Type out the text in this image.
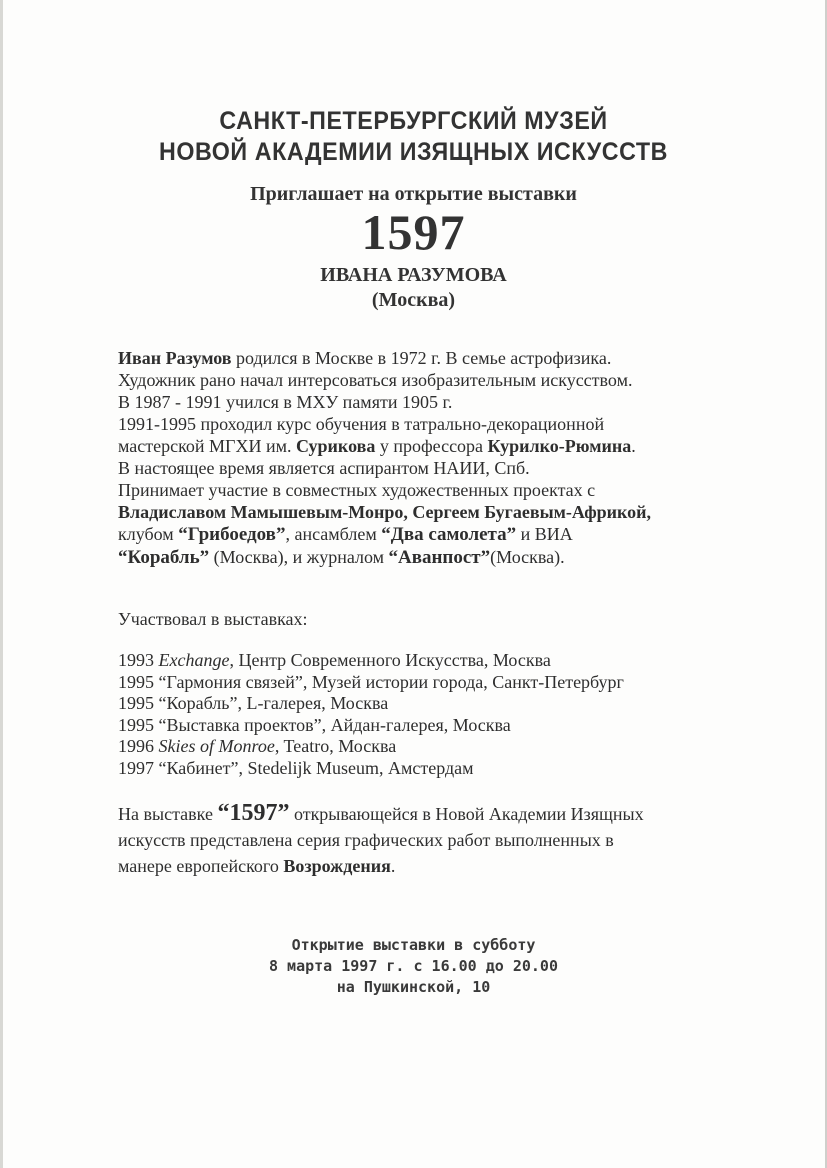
САНКТ-ПЕТЕРБУРГСКИЙ МУЗЕЙ
НОВОЙ АКАДЕМИИ ИЗЯЩНЫХ ИСКУССТВ
Приглашает на открытие выставки
1597
ИВАНА РАЗУМОВА
(Москва)
Иван Разумов родился в Москве в 1972 г. В семье астрофизика.
Художник рано начал интерсоваться изобразительным искусством.
В 1987 - 1991 учился в МХУ памяти 1905 г.
1991-1995 проходил курс обучения в татрально-декорационной
мастерской МГХИ им. Сурикова у профессора Курилко-Рюмина.
В настоящее время является аспирантом НАИИ, Спб.
Принимает участие в совместных художественных проектах с
Владиславом Мамышевым-Монро, Сергеем Бугаевым-Африкой,
клубом “Грибоедов”, ансамблем “Два самолета” и ВИА
“Корабль” (Москва), и журналом “Аванпост”(Москва).
Участвовал в выставках:
1993 Exchange, Центр Современного Искусства, Москва
1995 “Гармония связей”, Музей истории города, Санкт-Петербург
1995 “Корабль”, L-галерея, Москва
1995 “Выставка проектов”, Айдан-галерея, Москва
1996 Skies of Monroe, Teatro, Москва
1997 “Кабинет”, Stedelijk Museum, Амстердам
На выставке “1597” открывающейся в Новой Академии Изящных
искусств представлена серия графических работ выполненных в
манере европейского Возрождения.
Открытие выставки в субботу
8 марта 1997 г. с 16.00 до 20.00
на Пушкинской, 10
